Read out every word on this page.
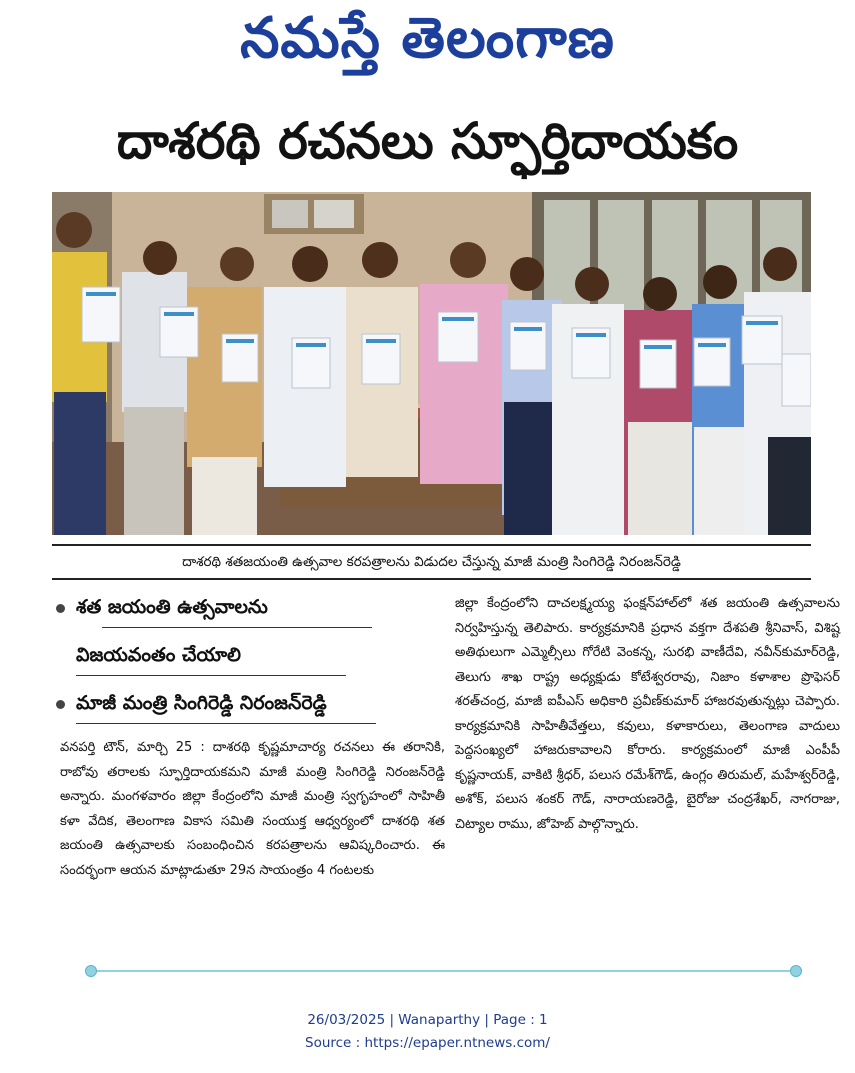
నమస్తే తెలంగాణ
దాశరథి రచనలు స్ఫూర్తిదాయకం
దాశరథి శతజయంతి ఉత్సవాల కరపత్రాలను విడుదల చేస్తున్న మాజీ మంత్రి సింగిరెడ్డి నిరంజన్‌రెడ్డి
శత జయంతి ఉత్సవాలను
విజయవంతం చేయాలి
మాజీ మంత్రి సింగిరెడ్డి నిరంజన్‌రెడ్డి
వనపర్తి టౌన్, మార్చి 25 : దాశరథి కృష్ణమాచార్య రచనలు ఈ తరానికి, రాబోవు తరాలకు స్ఫూర్తిదాయకమని మాజీ మంత్రి సింగిరెడ్డి నిరంజన్‌రెడ్డి అన్నారు. మంగళవారం జిల్లా కేంద్రంలోని మాజీ మంత్రి స్వగృహంలో సాహితీ కళా వేదిక, తెలంగాణ వికాస సమితి సంయుక్త ఆధ్వర్యంలో దాశరథి శత జయంతి ఉత్సవాలకు సంబంధించిన కరపత్రాలను ఆవిష్కరించారు. ఈ సందర్భంగా ఆయన మాట్లాడుతూ 29న సాయంత్రం 4 గంటలకు
జిల్లా కేంద్రంలోని దాచలక్ష్మయ్య ఫంక్షన్‌హాల్‌లో శత జయంతి ఉత్సవాలను నిర్వహిస్తున్న తెలిపారు. కార్యక్రమానికి ప్రధాన వక్తగా దేశపతి శ్రీనివాస్, విశిష్ట అతిథులుగా ఎమ్మెల్సీలు గోరేటి వెంకన్న, సురభి వాణీదేవి, నవీన్‌కుమార్‌రెడ్డి, తెలుగు శాఖ రాష్ట్ర అధ్యక్షుడు కోటేశ్వరరావు, నిజాం కళాశాల ప్రొఫెసర్ శరత్‌చంద్ర, మాజీ ఐపీఎస్ అధికారి ప్రవీణ్‌కుమార్ హాజరవుతున్నట్లు చెప్పారు. కార్యక్రమానికి సాహితీవేత్తలు, కవులు, కళాకారులు, తెలంగాణ వాదులు పెద్దసంఖ్యలో హాజరుకావాలని కోరారు. కార్యక్రమంలో మాజీ ఎంపీపీ కృష్ణనాయక్, వాకిటి శ్రీధర్, పలుస రమేశ్‌గౌడ్, ఉంగ్లం తిరుమల్, మహేశ్వర్‌రెడ్డి, అశోక్, పలుస శంకర్ గౌడ్, నారాయణరెడ్డి, బైరోజు చంద్రశేఖర్, నాగరాజు, చిట్యాల రాము, జోహెబ్ పాల్గొన్నారు.
26/03/2025 | Wanaparthy | Page : 1
Source : https://epaper.ntnews.com/
